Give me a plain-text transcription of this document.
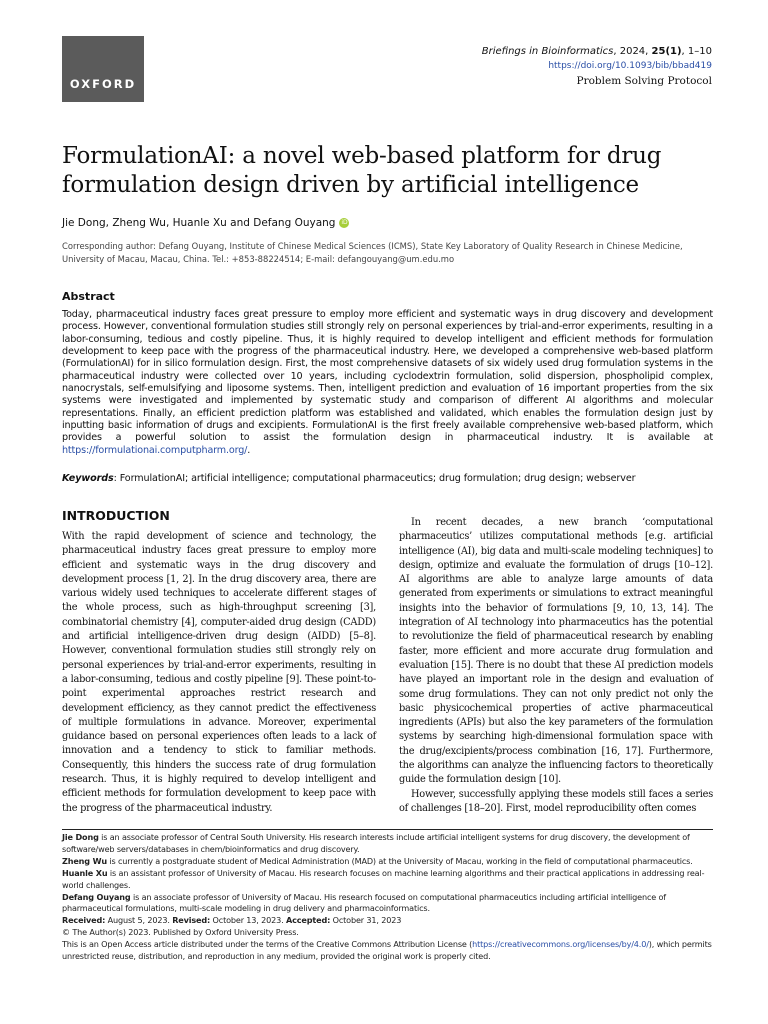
OXFORD
Briefings in Bioinformatics, 2024, 25(1), 1–10
https://doi.org/10.1093/bib/bbad419
Problem Solving Protocol
FormulationAI: a novel web-based platform for drug formulation design driven by artificial intelligence
Jie Dong, Zheng Wu, Huanle Xu and Defang Ouyang iD
Corresponding author: Defang Ouyang, Institute of Chinese Medical Sciences (ICMS), State Key Laboratory of Quality Research in Chinese Medicine, University of Macau, Macau, China. Tel.: +853-88224514; E-mail: defangouyang@um.edu.mo
Abstract
Today, pharmaceutical industry faces great pressure to employ more efficient and systematic ways in drug discovery and development process. However, conventional formulation studies still strongly rely on personal experiences by trial-and-error experiments, resulting in a labor-consuming, tedious and costly pipeline. Thus, it is highly required to develop intelligent and efficient methods for formulation development to keep pace with the progress of the pharmaceutical industry. Here, we developed a comprehensive web-based platform (FormulationAI) for in silico formulation design. First, the most comprehensive datasets of six widely used drug formulation systems in the pharmaceutical industry were collected over 10 years, including cyclodextrin formulation, solid dispersion, phospholipid complex, nanocrystals, self-emulsifying and liposome systems. Then, intelligent prediction and evaluation of 16 important properties from the six systems were investigated and implemented by systematic study and comparison of different AI algorithms and molecular representations. Finally, an efficient prediction platform was established and validated, which enables the formulation design just by inputting basic information of drugs and excipients. FormulationAI is the first freely available comprehensive web-based platform, which provides a powerful solution to assist the formulation design in pharmaceutical industry. It is available at https://formulationai.computpharm.org/.
Keywords: FormulationAI; artificial intelligence; computational pharmaceutics; drug formulation; drug design; webserver
INTRODUCTION

With the rapid development of science and technology, the pharmaceutical industry faces great pressure to employ more efficient and systematic ways in the drug discovery and development process [1, 2]. In the drug discovery area, there are various widely used techniques to accelerate different stages of the whole process, such as high-throughput screening [3], combinatorial chemistry [4], computer-aided drug design (CADD) and artificial intelligence-driven drug design (AIDD) [5–8]. However, conventional formulation studies still strongly rely on personal experiences by trial-and-error experiments, resulting in a labor-consuming, tedious and costly pipeline [9]. These point-to-point experimental approaches restrict research and development efficiency, as they cannot predict the effectiveness of multiple formulations in advance. Moreover, experimental guidance based on personal experiences often leads to a lack of innovation and a tendency to stick to familiar methods. Consequently, this hinders the success rate of drug formulation research. Thus, it is highly required to develop intelligent and efficient methods for formulation development to keep pace with the progress of the pharmaceutical industry.

In recent decades, a new branch ‘computational pharmaceutics’ utilizes computational methods [e.g. artificial intelligence (AI), big data and multi-scale modeling techniques] to design, optimize and evaluate the formulation of drugs [10–12]. AI algorithms are able to analyze large amounts of data generated from experiments or simulations to extract meaningful insights into the behavior of formulations [9, 10, 13, 14]. The integration of AI technology into pharmaceutics has the potential to revolutionize the field of pharmaceutical research by enabling faster, more efficient and more accurate drug formulation and evaluation [15]. There is no doubt that these AI prediction models have played an important role in the design and evaluation of some drug formulations. They can not only predict not only the basic physicochemical properties of active pharmaceutical ingredients (APIs) but also the key parameters of the formulation systems by searching high-dimensional formulation space with the drug/excipients/process combination [16, 17]. Furthermore, the algorithms can analyze the influencing factors to theoretically guide the formulation design [10].

However, successfully applying these models still faces a series of challenges [18–20]. First, model reproducibility often comes

Jie Dong is an associate professor of Central South University. His research interests include artificial intelligent systems for drug discovery, the development of software/web servers/databases in chem/bioinformatics and drug discovery.

Zheng Wu is currently a postgraduate student of Medical Administration (MAD) at the University of Macau, working in the field of computational pharmaceutics.

Huanle Xu is an assistant professor of University of Macau. His research focuses on machine learning algorithms and their practical applications in addressing real-world challenges.

Defang Ouyang is an associate professor of University of Macau. His research focused on computational pharmaceutics including artificial intelligence of pharmaceutical formulations, multi-scale modeling in drug delivery and pharmacoinformatics.

Received: August 5, 2023. Revised: October 13, 2023. Accepted: October 31, 2023

© The Author(s) 2023. Published by Oxford University Press.

This is an Open Access article distributed under the terms of the Creative Commons Attribution License (https://creativecommons.org/licenses/by/4.0/), which permits unrestricted reuse, distribution, and reproduction in any medium, provided the original work is properly cited.
